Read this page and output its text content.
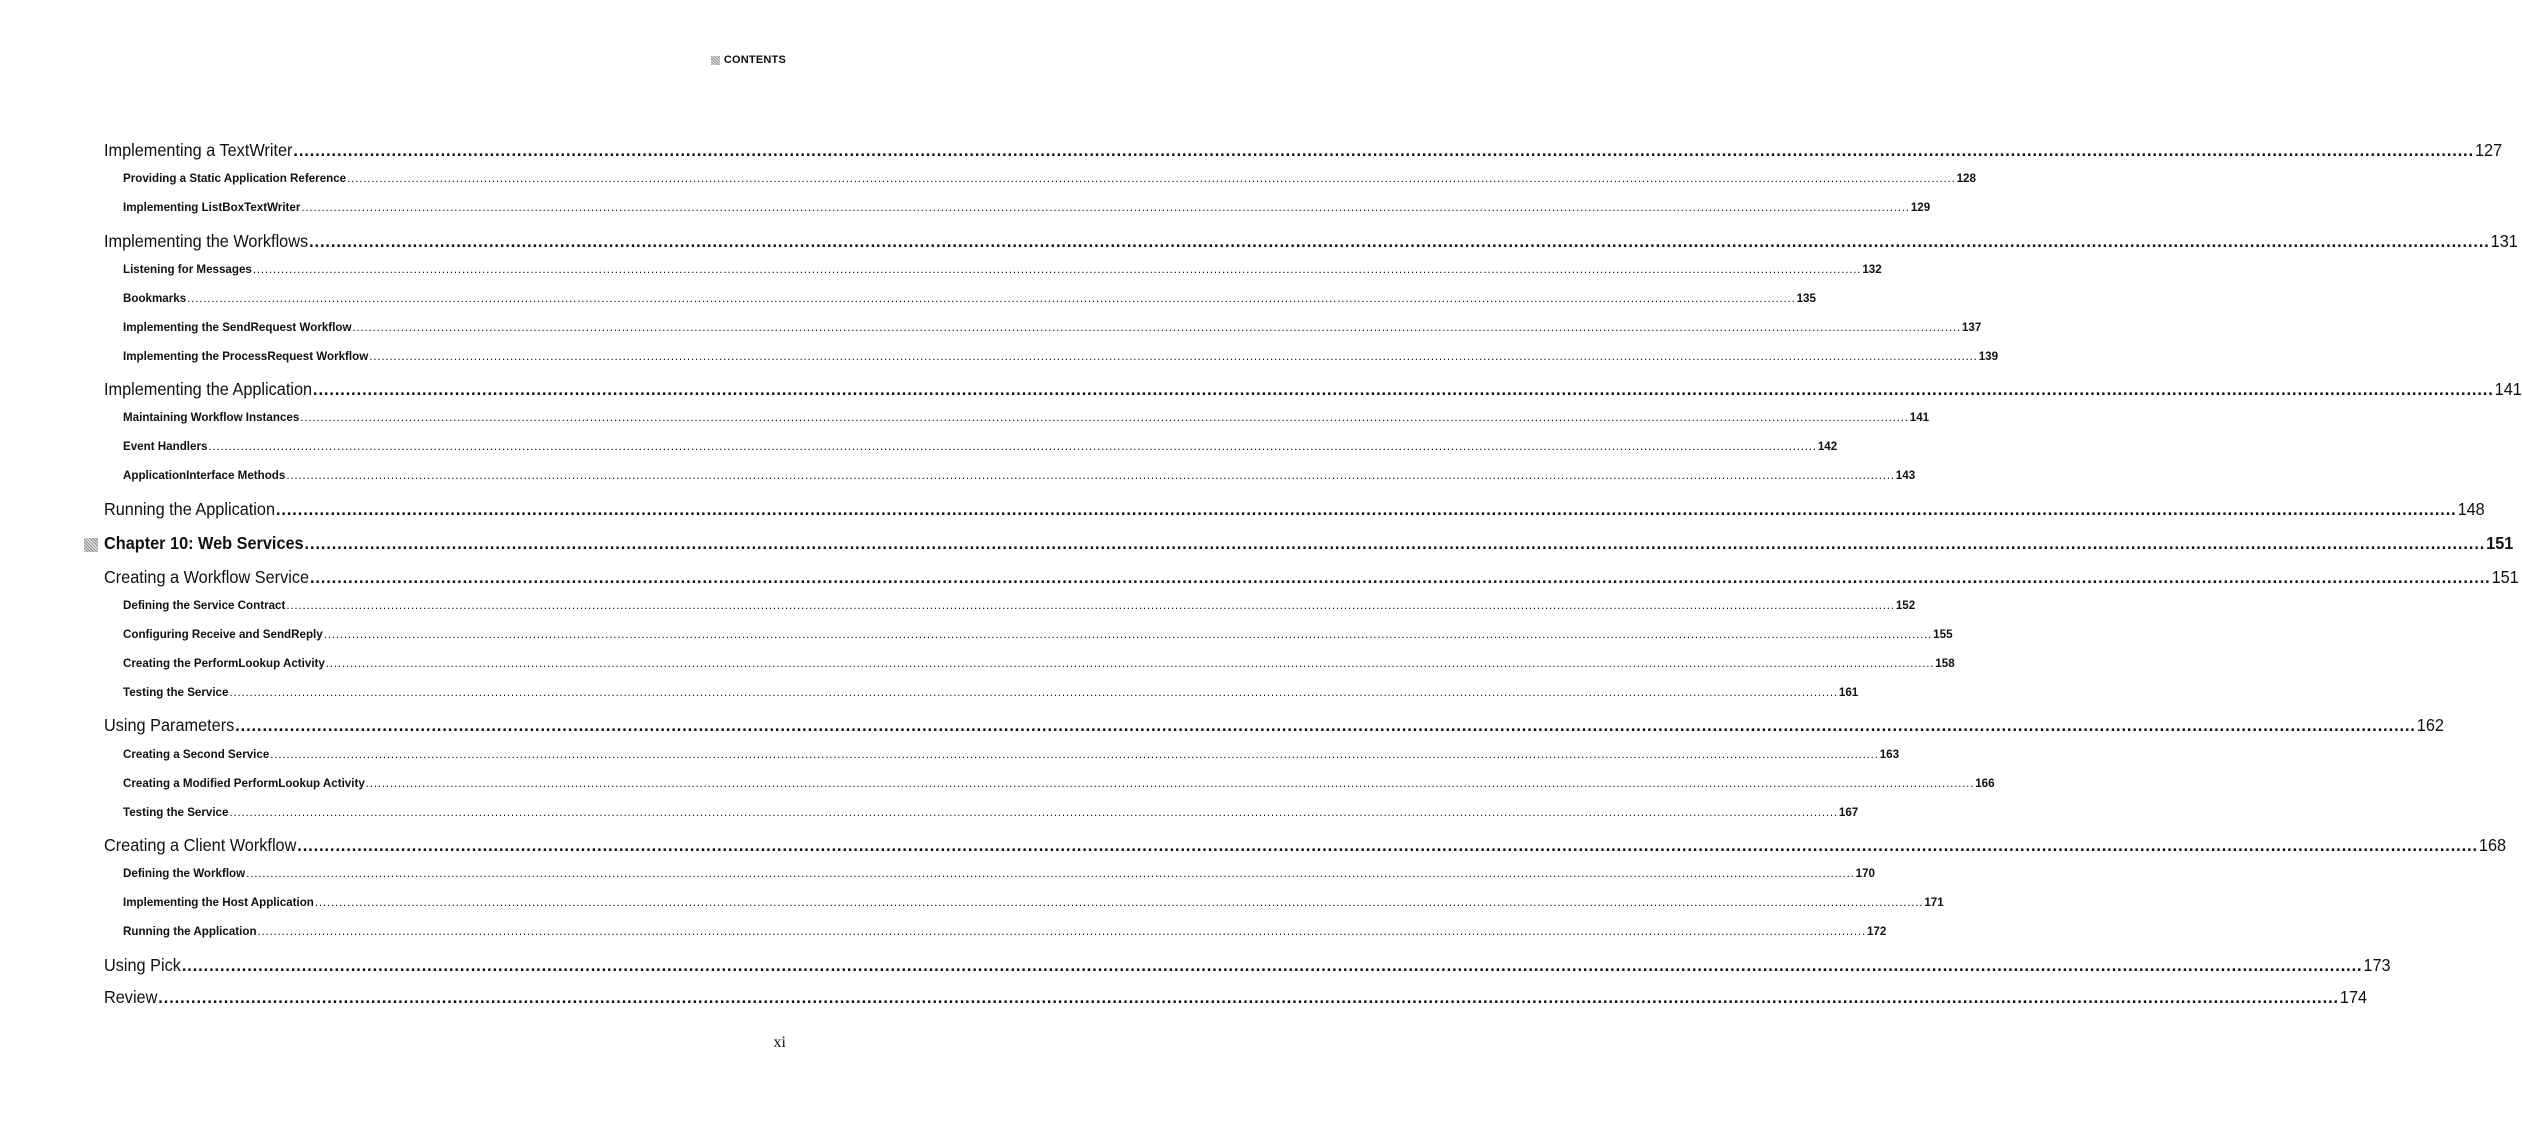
CONTENTS
Implementing a TextWriter ................................................................................................................................................................................................................................................................................................................................................................................................................ 127
Providing a Static Application Reference ................................................................................................................................................................................................................................................................................................................................................................................................................ 128
Implementing ListBoxTextWriter ................................................................................................................................................................................................................................................................................................................................................................................................................ 129
Implementing the Workflows ................................................................................................................................................................................................................................................................................................................................................................................................................ 131
Listening for Messages ................................................................................................................................................................................................................................................................................................................................................................................................................ 132
Bookmarks ................................................................................................................................................................................................................................................................................................................................................................................................................ 135
Implementing the SendRequest Workflow ................................................................................................................................................................................................................................................................................................................................................................................................................ 137
Implementing the ProcessRequest Workflow ................................................................................................................................................................................................................................................................................................................................................................................................................ 139
Implementing the Application ................................................................................................................................................................................................................................................................................................................................................................................................................ 141
Maintaining Workflow Instances ................................................................................................................................................................................................................................................................................................................................................................................................................ 141
Event Handlers ................................................................................................................................................................................................................................................................................................................................................................................................................ 142
ApplicationInterface Methods ................................................................................................................................................................................................................................................................................................................................................................................................................ 143
Running the Application ................................................................................................................................................................................................................................................................................................................................................................................................................ 148
Chapter 10: Web Services ................................................................................................................................................................................................................................................................................................................................................................................................................ 151
Creating a Workflow Service ................................................................................................................................................................................................................................................................................................................................................................................................................ 151
Defining the Service Contract ................................................................................................................................................................................................................................................................................................................................................................................................................ 152
Configuring Receive and SendReply ................................................................................................................................................................................................................................................................................................................................................................................................................ 155
Creating the PerformLookup Activity ................................................................................................................................................................................................................................................................................................................................................................................................................ 158
Testing the Service ................................................................................................................................................................................................................................................................................................................................................................................................................ 161
Using Parameters ................................................................................................................................................................................................................................................................................................................................................................................................................ 162
Creating a Second Service ................................................................................................................................................................................................................................................................................................................................................................................................................ 163
Creating a Modified PerformLookup Activity ................................................................................................................................................................................................................................................................................................................................................................................................................ 166
Testing the Service ................................................................................................................................................................................................................................................................................................................................................................................................................ 167
Creating a Client Workflow ................................................................................................................................................................................................................................................................................................................................................................................................................ 168
Defining the Workflow ................................................................................................................................................................................................................................................................................................................................................................................................................ 170
Implementing the Host Application ................................................................................................................................................................................................................................................................................................................................................................................................................ 171
Running the Application ................................................................................................................................................................................................................................................................................................................................................................................................................ 172
Using Pick ................................................................................................................................................................................................................................................................................................................................................................................................................ 173
Review ................................................................................................................................................................................................................................................................................................................................................................................................................ 174
xi
